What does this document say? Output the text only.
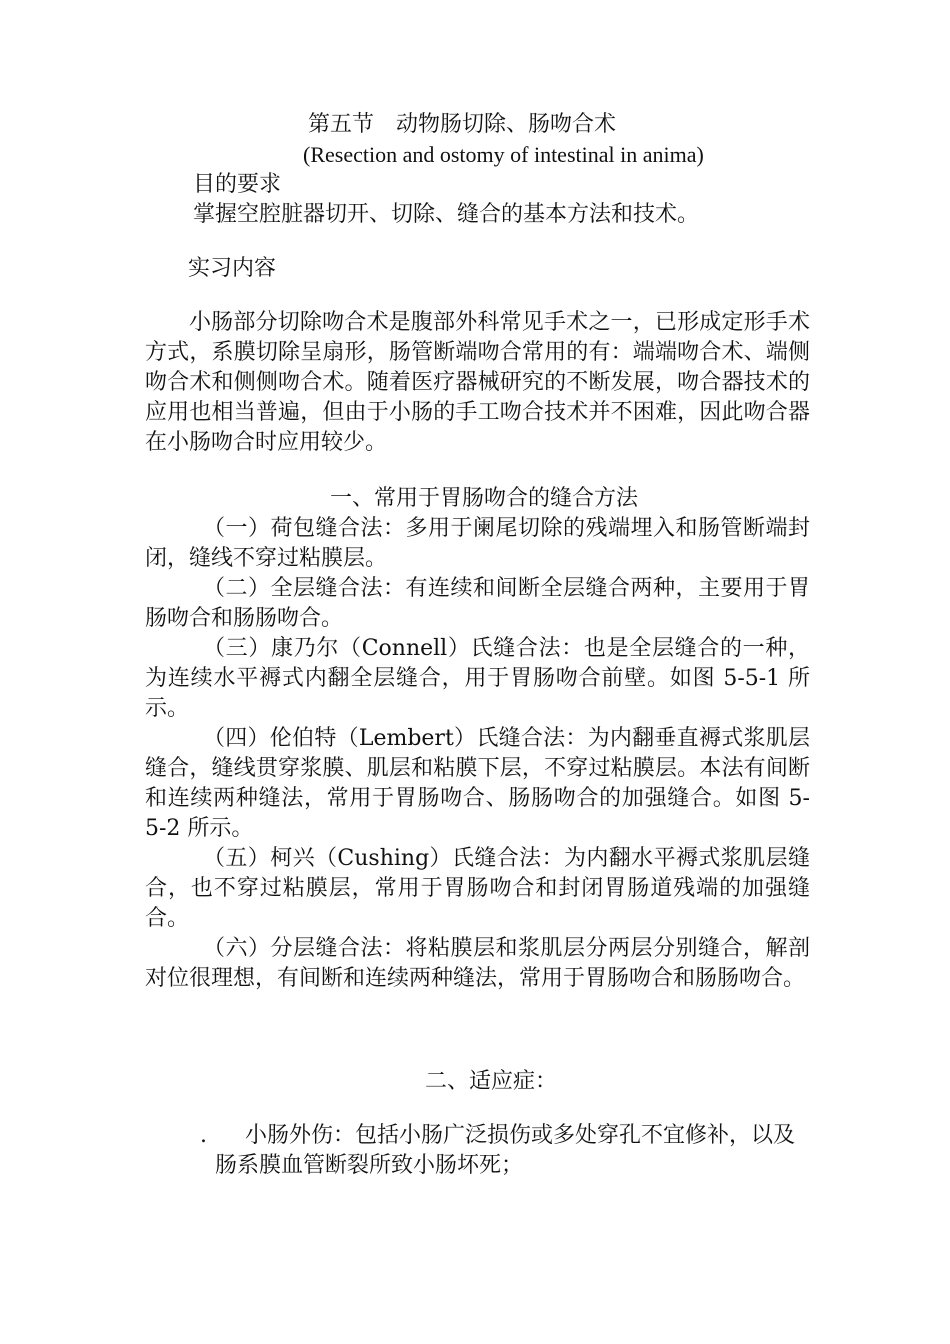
第五节　动物肠切除、肠吻合术
(Resection and ostomy of intestinal in anima)
目的要求
掌握空腔脏器切开、切除、缝合的基本方法和技术。
实习内容
小肠部分切除吻合术是腹部外科常见手术之一，已形成定形手术方式，系膜切除呈扇形，肠管断端吻合常用的有：端端吻合术、端侧吻合术和侧侧吻合术。随着医疗器械研究的不断发展，吻合器技术的应用也相当普遍，但由于小肠的手工吻合技术并不困难，因此吻合器在小肠吻合时应用较少。
一、常用于胃肠吻合的缝合方法

（一）荷包缝合法：多用于阑尾切除的残端埋入和肠管断端封闭，缝线不穿过粘膜层。

（二）全层缝合法：有连续和间断全层缝合两种，主要用于胃肠吻合和肠肠吻合。

（三）康乃尔（Connell）氏缝合法：也是全层缝合的一种，为连续水平褥式内翻全层缝合，用于胃肠吻合前壁。如图 5-5-1 所示。

（四）伦伯特（Lembert）氏缝合法：为内翻垂直褥式浆肌层缝合，缝线贯穿浆膜、肌层和粘膜下层，不穿过粘膜层。本法有间断和连续两种缝法，常用于胃肠吻合、肠肠吻合的加强缝合。如图 5-5-2 所示。

（五）柯兴（Cushing）氏缝合法：为内翻水平褥式浆肌层缝合，也不穿过粘膜层，常用于胃肠吻合和封闭胃肠道残端的加强缝合。

（六）分层缝合法：将粘膜层和浆肌层分两层分别缝合，解剖对位很理想，有间断和连续两种缝法，常用于胃肠吻合和肠肠吻合。

二、适应症：
.	小肠外伤：包括小肠广泛损伤或多处穿孔不宜修补，以及肠系膜血管断裂所致小肠坏死；
